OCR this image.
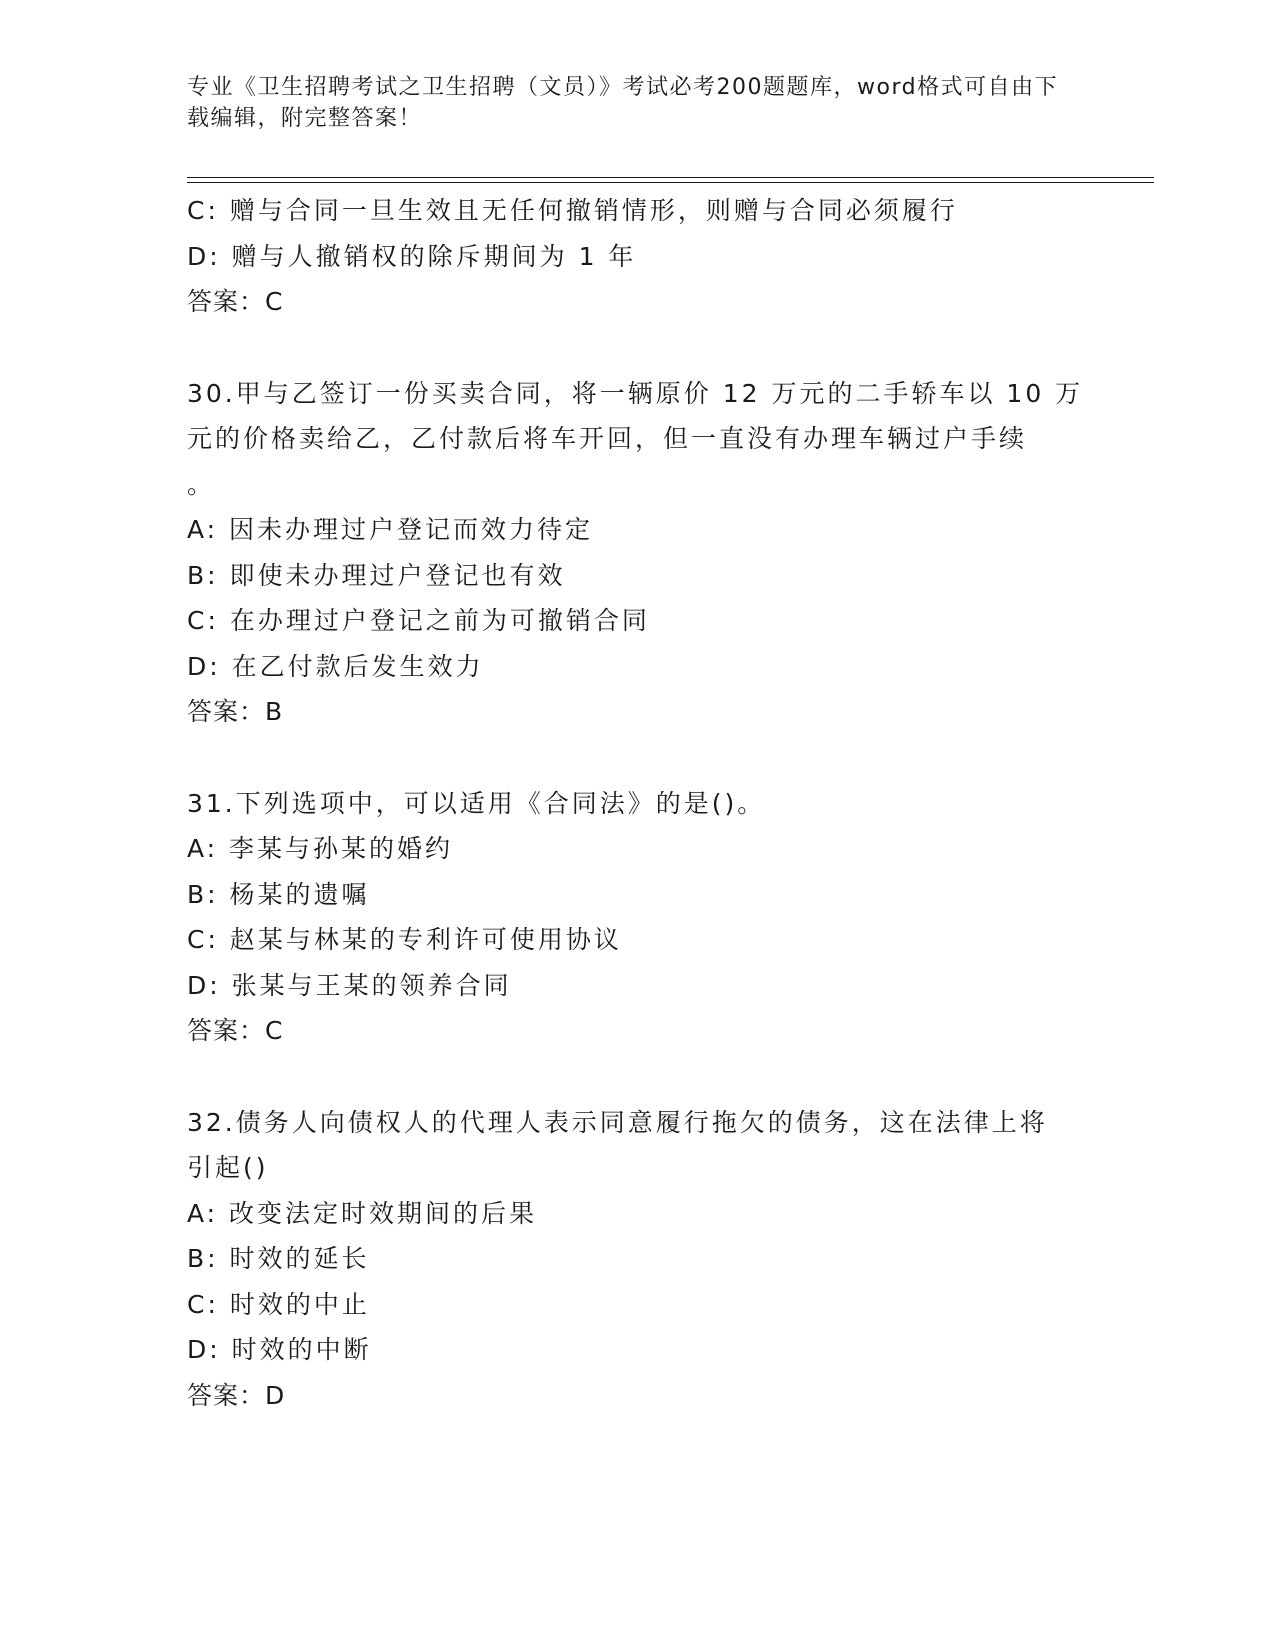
专业《卫生招聘考试之卫生招聘（文员）》考试必考200题题库，word格式可自由下载编辑，附完整答案！
C: 赠与合同一旦生效且无任何撤销情形，则赠与合同必须履行
D: 赠与人撤销权的除斥期间为 1 年
答案：C
30.甲与乙签订一份买卖合同，将一辆原价 12 万元的二手轿车以 10 万
元的价格卖给乙，乙付款后将车开回，但一直没有办理车辆过户手续
。
A: 因未办理过户登记而效力待定
B: 即使未办理过户登记也有效
C: 在办理过户登记之前为可撤销合同
D: 在乙付款后发生效力
答案：B
31.下列选项中，可以适用《合同法》的是()。
A: 李某与孙某的婚约
B: 杨某的遗嘱
C: 赵某与林某的专利许可使用协议
D: 张某与王某的领养合同
答案：C
32.债务人向债权人的代理人表示同意履行拖欠的债务，这在法律上将
引起()
A: 改变法定时效期间的后果
B: 时效的延长
C: 时效的中止
D: 时效的中断
答案：D
